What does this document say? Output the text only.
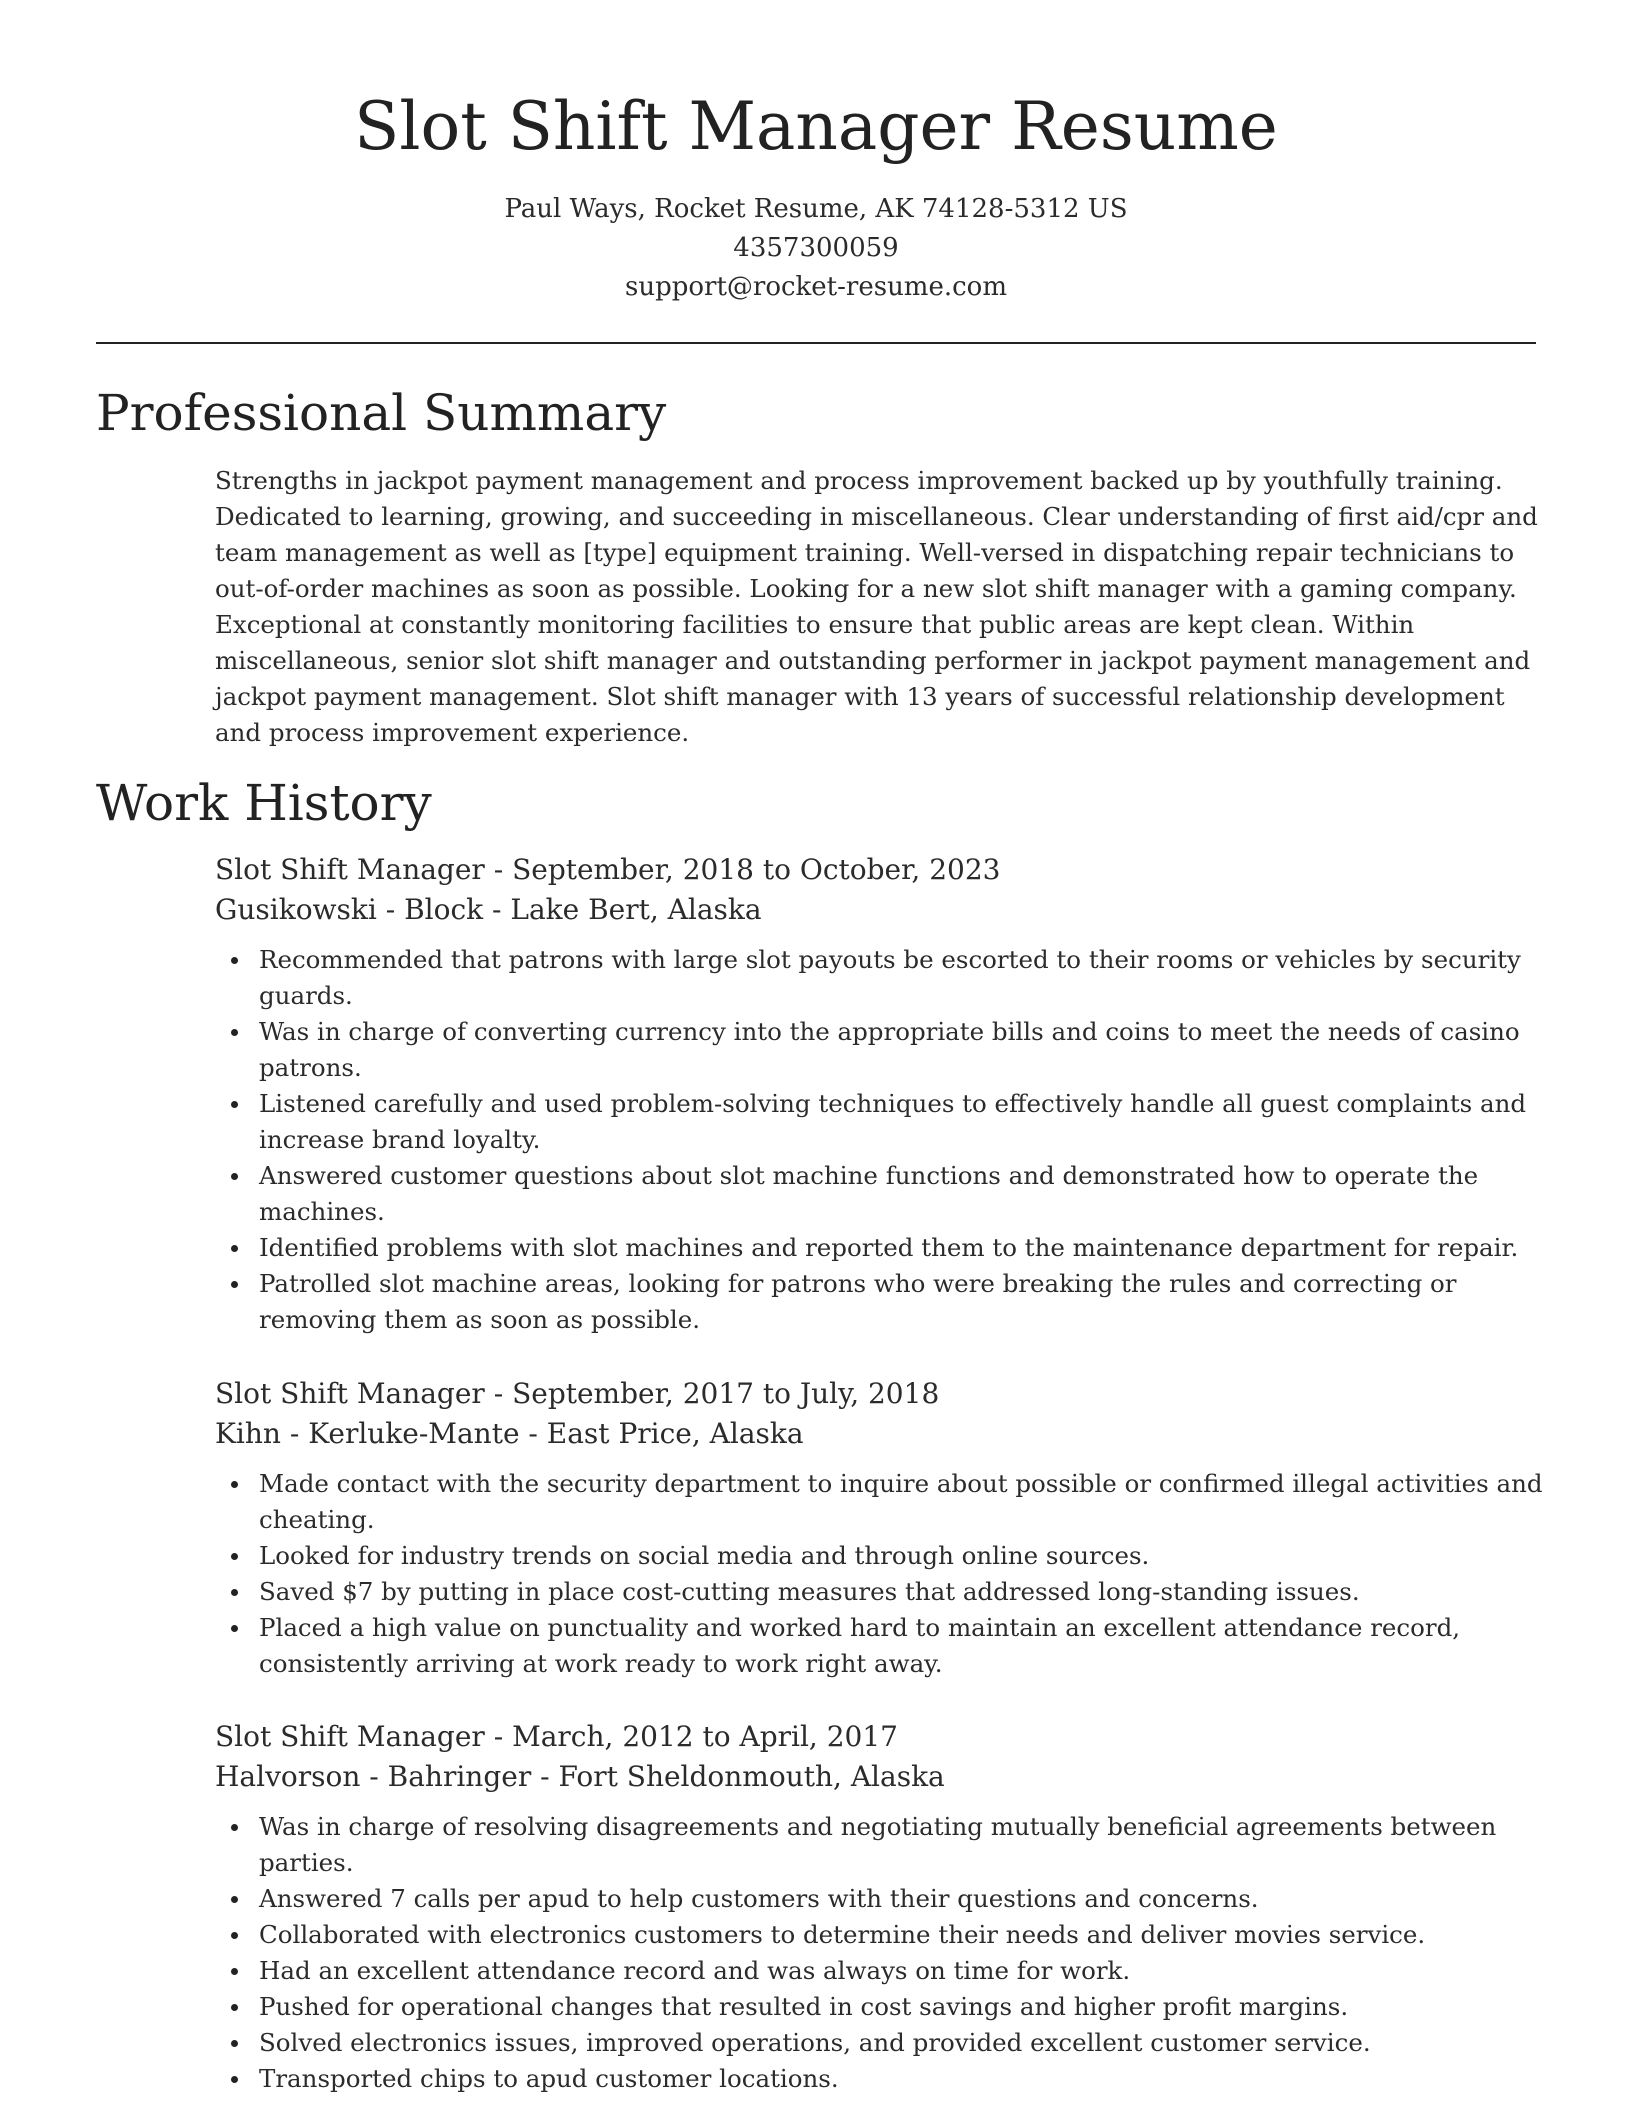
Slot Shift Manager Resume

Paul Ways, Rocket Resume, AK 74128-5312 US

4357300059

support@rocket-resume.com

Professional Summary

Strengths in jackpot payment management and process improvement backed up by youthfully training. Dedicated to learning, growing, and succeeding in miscellaneous. Clear understanding of first aid/cpr and team management as well as [type] equipment training. Well-versed in dispatching repair technicians to out-of-order machines as soon as possible. Looking for a new slot shift manager with a gaming company. Exceptional at constantly monitoring facilities to ensure that public areas are kept clean. Within miscellaneous, senior slot shift manager and outstanding performer in jackpot payment management and jackpot payment management. Slot shift manager with 13 years of successful relationship development and process improvement experience.

Work History

Slot Shift Manager - September, 2018 to October, 2023

Gusikowski - Block - Lake Bert, Alaska

Recommended that patrons with large slot payouts be escorted to their rooms or vehicles by security guards.
Was in charge of converting currency into the appropriate bills and coins to meet the needs of casino patrons.
Listened carefully and used problem-solving techniques to effectively handle all guest complaints and increase brand loyalty.
Answered customer questions about slot machine functions and demonstrated how to operate the machines.
Identified problems with slot machines and reported them to the maintenance department for repair.
Patrolled slot machine areas, looking for patrons who were breaking the rules and correcting or removing them as soon as possible.

Slot Shift Manager - September, 2017 to July, 2018

Kihn - Kerluke-Mante - East Price, Alaska

Made contact with the security department to inquire about possible or confirmed illegal activities and cheating.
Looked for industry trends on social media and through online sources.
Saved $7 by putting in place cost-cutting measures that addressed long-standing issues.
Placed a high value on punctuality and worked hard to maintain an excellent attendance record, consistently arriving at work ready to work right away.

Slot Shift Manager - March, 2012 to April, 2017

Halvorson - Bahringer - Fort Sheldonmouth, Alaska

Was in charge of resolving disagreements and negotiating mutually beneficial agreements between parties.
Answered 7 calls per apud to help customers with their questions and concerns.
Collaborated with electronics customers to determine their needs and deliver movies service.
Had an excellent attendance record and was always on time for work.
Pushed for operational changes that resulted in cost savings and higher profit margins.
Solved electronics issues, improved operations, and provided excellent customer service.
Transported chips to apud customer locations.
